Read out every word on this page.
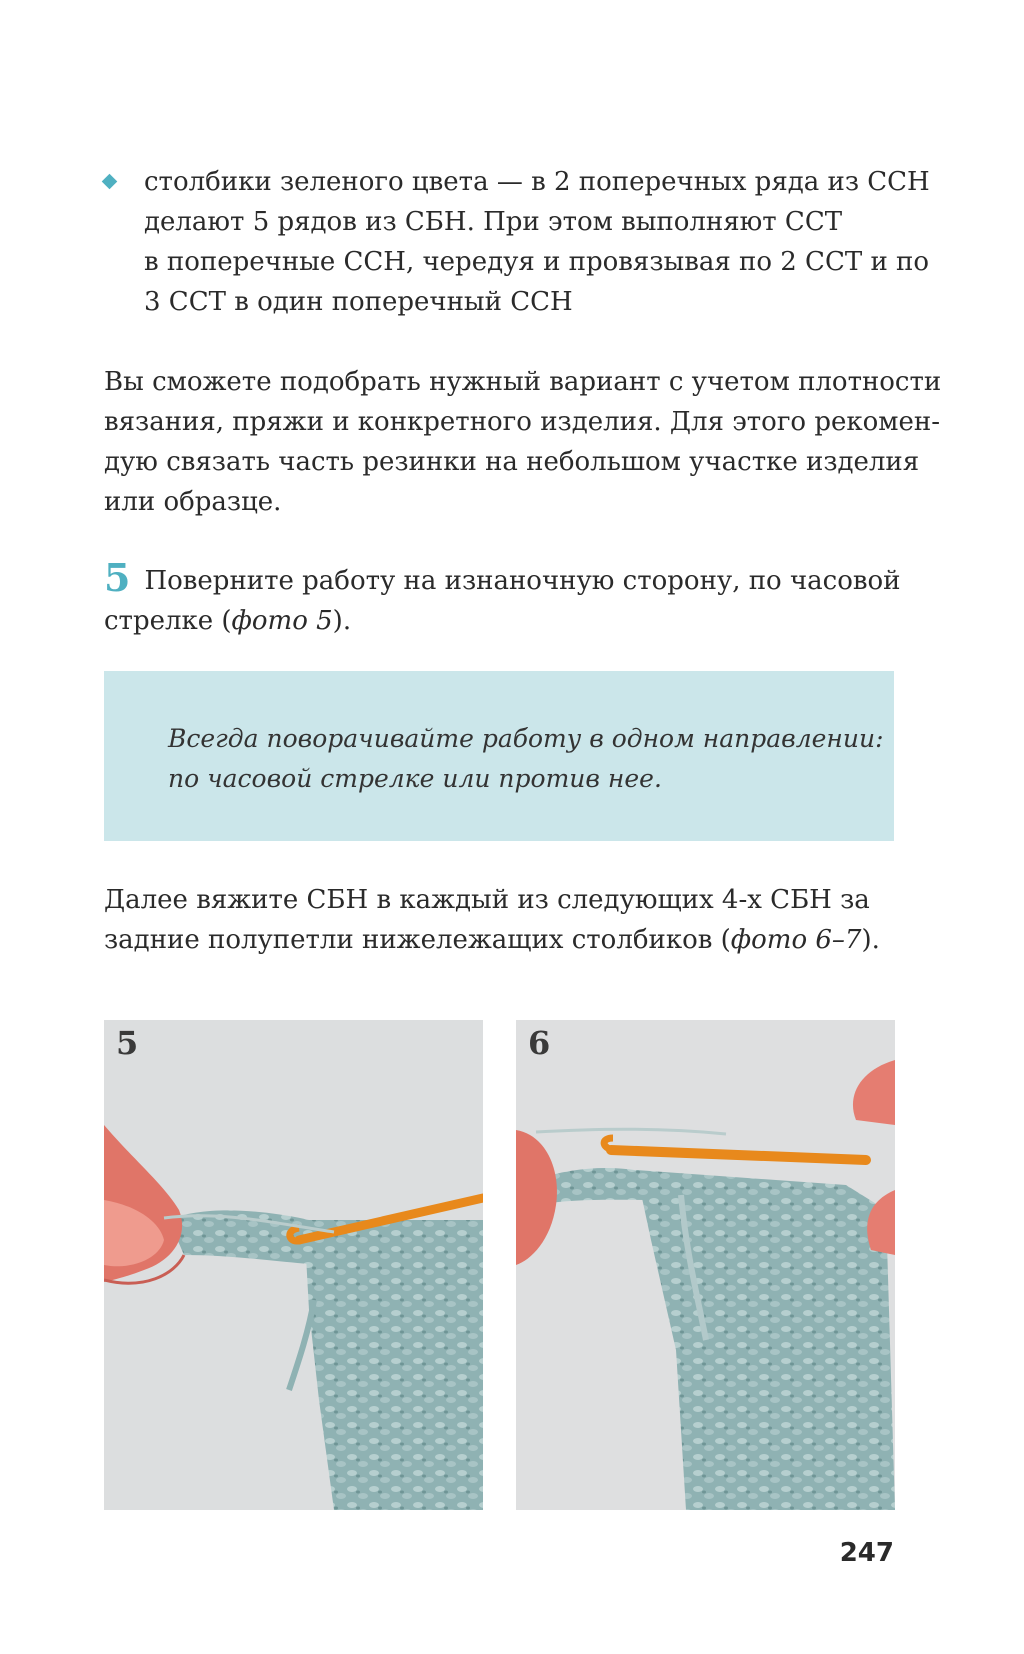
столбики зеленого цвета — в 2 поперечных ряда из ССН
делают 5 рядов из СБН. При этом выполняют ССТ
в поперечные ССН, чередуя и провязывая по 2 ССТ и по
3 ССТ в один поперечный ССН
Вы сможете подобрать нужный вариант с учетом плотности
вязания, пряжи и конкретного изделия. Для этого рекомен-
дую связать часть резинки на небольшом участке изделия
или образце.
5 Поверните работу на изнаночную сторону, по часовой
стрелке (фото 5).
Всегда поворачивайте работу в одном направлении:
по часовой стрелке или против нее.
Далее вяжите СБН в каждый из следующих 4-х СБН за
задние полупетли нижележащих столбиков (фото 6–7).
5	6
247
